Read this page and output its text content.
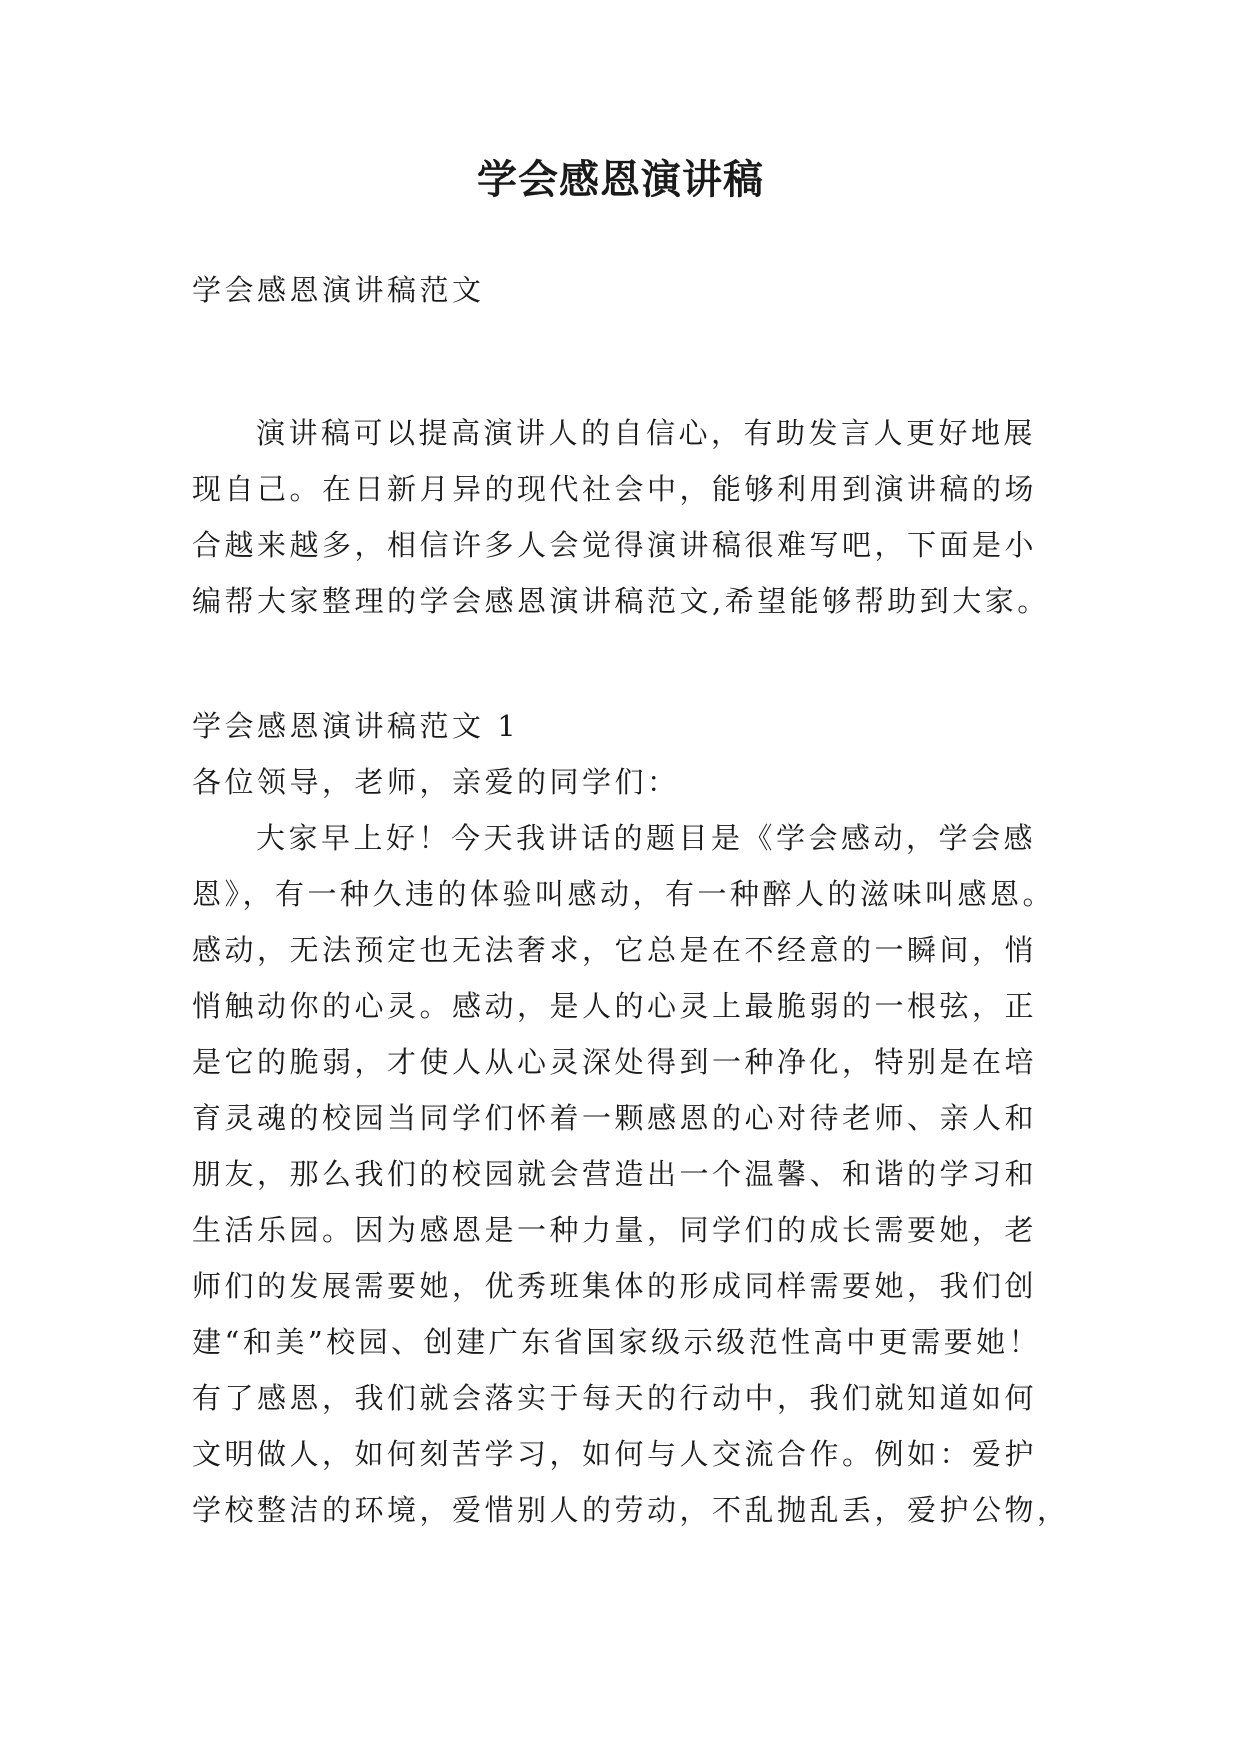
学会感恩演讲稿
学会感恩演讲稿范文
演讲稿可以提高演讲人的自信心，有助发言人更好地展
现自己。在日新月异的现代社会中，能够利用到演讲稿的场
合越来越多，相信许多人会觉得演讲稿很难写吧，下面是小
编帮大家整理的学会感恩演讲稿范文,希望能够帮助到大家。
学会感恩演讲稿范文 1
各位领导，老师，亲爱的同学们：
大家早上好！今天我讲话的题目是《学会感动，学会感
恩》，有一种久违的体验叫感动，有一种醉人的滋味叫感恩。
感动，无法预定也无法奢求，它总是在不经意的一瞬间，悄
悄触动你的心灵。感动，是人的心灵上最脆弱的一根弦，正
是它的脆弱，才使人从心灵深处得到一种净化，特别是在培
育灵魂的校园当同学们怀着一颗感恩的心对待老师、亲人和
朋友，那么我们的校园就会营造出一个温馨、和谐的学习和
生活乐园。因为感恩是一种力量，同学们的成长需要她，老
师们的发展需要她，优秀班集体的形成同样需要她，我们创
建“和美”校园、创建广东省国家级示级范性高中更需要她！
有了感恩，我们就会落实于每天的行动中，我们就知道如何
文明做人，如何刻苦学习，如何与人交流合作。例如：爱护
学校整洁的环境，爱惜别人的劳动，不乱抛乱丢，爱护公物，
